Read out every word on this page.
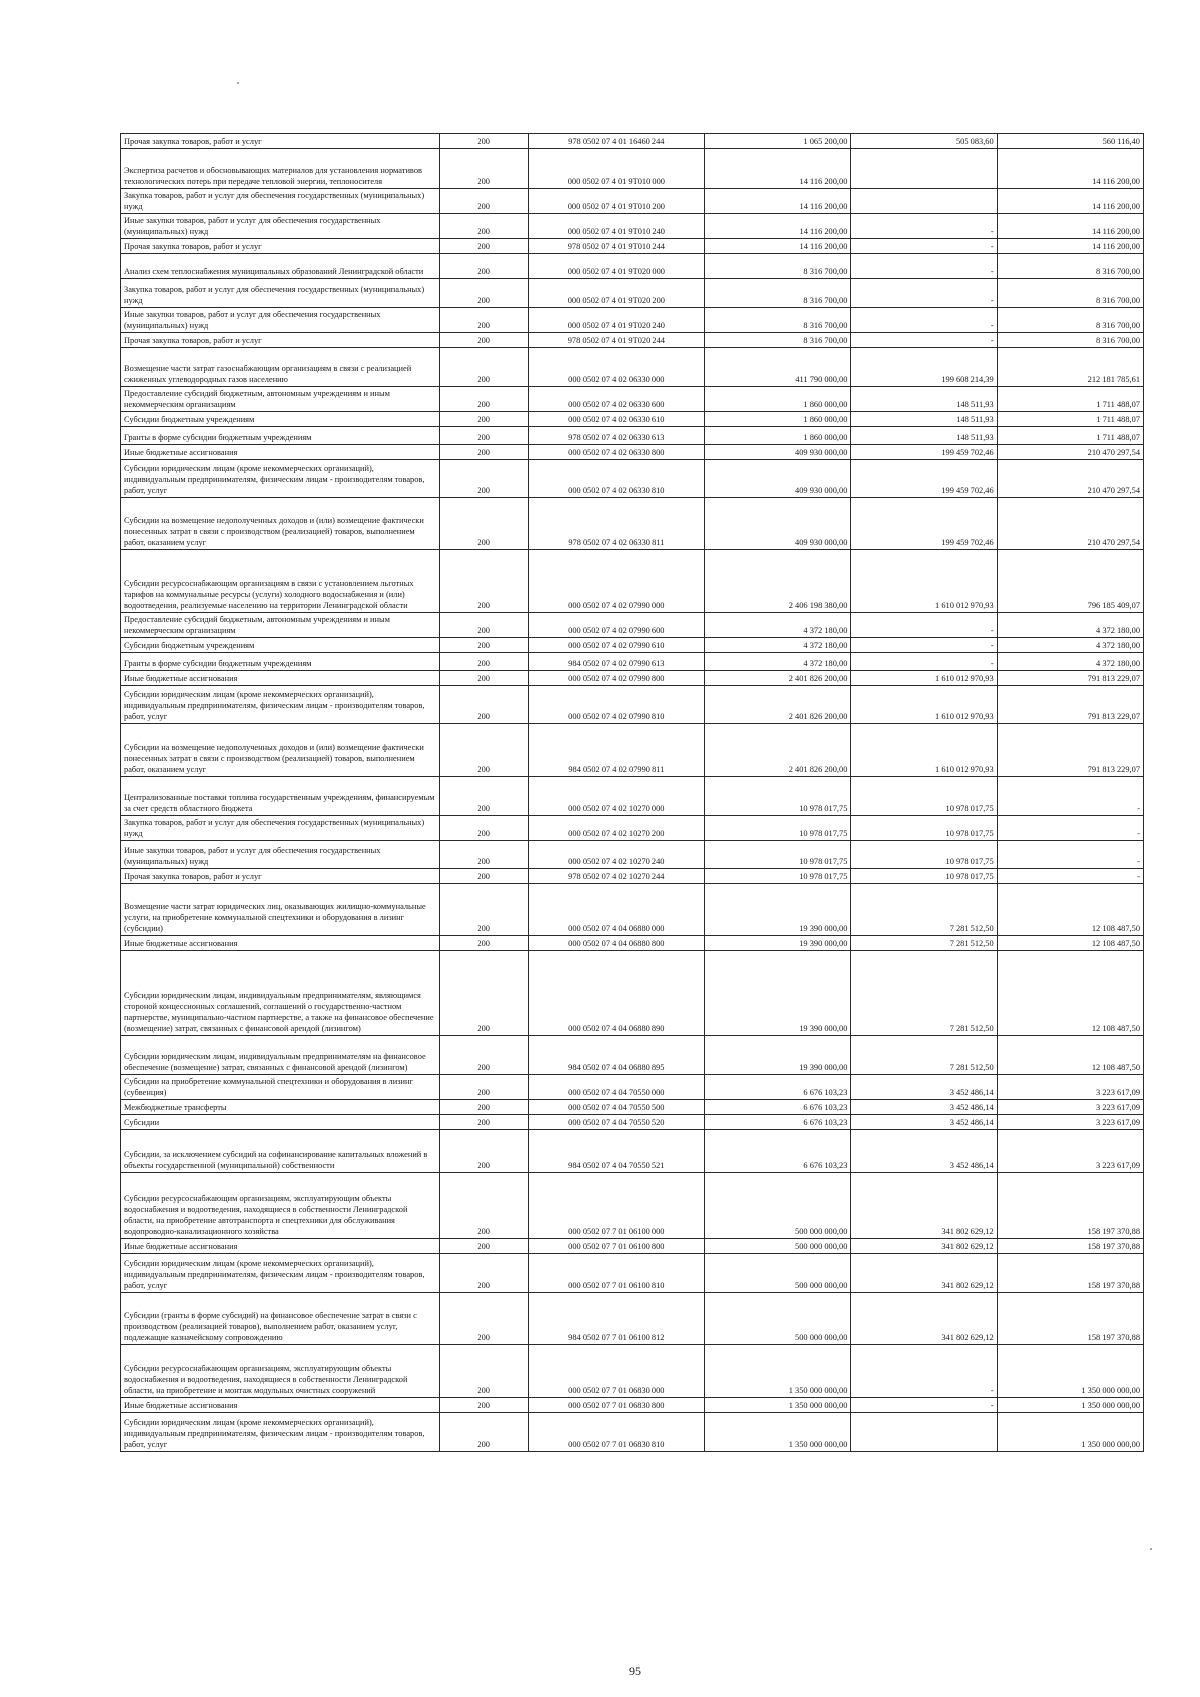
Прочая закупка товаров, работ и услуг	200	978 0502 07 4 01 16460 244	1 065 200,00	505 083,60	560 116,40
Экспертиза расчетов и обосновывающих материалов для установления нормативов технологических потерь при передаче тепловой энергии, теплоносителя	200	000 0502 07 4 01 9Т010 000	14 116 200,00		14 116 200,00
Закупка товаров, работ и услуг для обеспечения государственных (муниципальных) нужд	200	000 0502 07 4 01 9Т010 200	14 116 200,00		14 116 200,00
Иные закупки товаров, работ и услуг для обеспечения государственных (муниципальных) нужд	200	000 0502 07 4 01 9Т010 240	14 116 200,00	-	14 116 200,00
Прочая закупка товаров, работ и услуг	200	978 0502 07 4 01 9Т010 244	14 116 200,00	-	14 116 200,00
Анализ схем теплоснабжения муниципальных образований Ленинградской области	200	000 0502 07 4 01 9Т020 000	8 316 700,00	-	8 316 700,00
Закупка товаров, работ и услуг для обеспечения государственных (муниципальных) нужд	200	000 0502 07 4 01 9Т020 200	8 316 700,00	-	8 316 700,00
Иные закупки товаров, работ и услуг для обеспечения государственных (муниципальных) нужд	200	000 0502 07 4 01 9Т020 240	8 316 700,00	-	8 316 700,00
Прочая закупка товаров, работ и услуг	200	978 0502 07 4 01 9Т020 244	8 316 700,00	-	8 316 700,00
Возмещение части затрат газоснабжающим организациям в связи с реализацией сжиженных углеводородных газов населению	200	000 0502 07 4 02 06330 000	411 790 000,00	199 608 214,39	212 181 785,61
Предоставление субсидий бюджетным, автономным учреждениям и иным некоммерческим организациям	200	000 0502 07 4 02 06330 600	1 860 000,00	148 511,93	1 711 488,07
Субсидии бюджетным учреждениям	200	000 0502 07 4 02 06330 610	1 860 000,00	148 511,93	1 711 488,07
Гранты в форме субсидии бюджетным учреждениям	200	978 0502 07 4 02 06330 613	1 860 000,00	148 511,93	1 711 488,07
Иные бюджетные ассигнования	200	000 0502 07 4 02 06330 800	409 930 000,00	199 459 702,46	210 470 297,54
Субсидии юридическим лицам (кроме некоммерческих организаций), индивидуальным предпринимателям, физическим лицам - производителям товаров, работ, услуг	200	000 0502 07 4 02 06330 810	409 930 000,00	199 459 702,46	210 470 297,54
Субсидии на возмещение недополученных доходов и (или) возмещение фактически понесенных затрат в связи с производством (реализацией) товаров, выполнением работ, оказанием услуг	200	978 0502 07 4 02 06330 811	409 930 000,00	199 459 702,46	210 470 297,54
Субсидии ресурсоснабжающим организациям в связи с установлением льготных тарифов на коммунальные ресурсы (услуги) холодного водоснабжения и (или) водоотведения, реализуемые населению на территории Ленинградской области	200	000 0502 07 4 02 07990 000	2 406 198 380,00	1 610 012 970,93	796 185 409,07
Предоставление субсидий бюджетным, автономным учреждениям и иным некоммерческим организациям	200	000 0502 07 4 02 07990 600	4 372 180,00	-	4 372 180,00
Субсидии бюджетным учреждениям	200	000 0502 07 4 02 07990 610	4 372 180,00	-	4 372 180,00
Гранты в форме субсидии бюджетным учреждениям	200	984 0502 07 4 02 07990 613	4 372 180,00	-	4 372 180,00
Иные бюджетные ассигнования	200	000 0502 07 4 02 07990 800	2 401 826 200,00	1 610 012 970,93	791 813 229,07
Субсидии юридическим лицам (кроме некоммерческих организаций), индивидуальным предпринимателям, физическим лицам - производителям товаров, работ, услуг	200	000 0502 07 4 02 07990 810	2 401 826 200,00	1 610 012 970,93	791 813 229,07
Субсидии на возмещение недополученных доходов и (или) возмещение фактически понесенных затрат в связи с производством (реализацией) товаров, выполнением работ, оказанием услуг	200	984 0502 07 4 02 07990 811	2 401 826 200,00	1 610 012 970,93	791 813 229,07
Централизованные поставки топлива государственным учреждениям, финансируемым за счет средств областного бюджета	200	000 0502 07 4 02 10270 000	10 978 017,75	10 978 017,75	-
Закупка товаров, работ и услуг для обеспечения государственных (муниципальных) нужд	200	000 0502 07 4 02 10270 200	10 978 017,75	10 978 017,75	-
Иные закупки товаров, работ и услуг для обеспечения государственных (муниципальных) нужд	200	000 0502 07 4 02 10270 240	10 978 017,75	10 978 017,75	-
Прочая закупка товаров, работ и услуг	200	978 0502 07 4 02 10270 244	10 978 017,75	10 978 017,75	-
Возмещение части затрат юридических лиц, оказывающих жилищно-коммунальные услуги, на приобретение коммунальной спецтехники и оборудования в лизинг (субсидии)	200	000 0502 07 4 04 06880 000	19 390 000,00	7 281 512,50	12 108 487,50
Иные бюджетные ассигнования	200	000 0502 07 4 04 06880 800	19 390 000,00	7 281 512,50	12 108 487,50
Субсидии юридическим лицам, индивидуальным предпринимателям, являющимся стороной концессионных соглашений, соглашений о государственно-частном партнерстве, муниципально-частном партнерстве, а также на финансовое обеспечение (возмещение) затрат, связанных с финансовой арендой (лизингом)	200	000 0502 07 4 04 06880 890	19 390 000,00	7 281 512,50	12 108 487,50
Субсидии юридическим лицам, индивидуальным предпринимателям на финансовое обеспечение (возмещение) затрат, связанных с финансовой арендой (лизингом)	200	984 0502 07 4 04 06880 895	19 390 000,00	7 281 512,50	12 108 487,50
Субсидии на приобретение коммунальной спецтехники и оборудования в лизинг (субвенция)	200	000 0502 07 4 04 70550 000	6 676 103,23	3 452 486,14	3 223 617,09
Межбюджетные трансферты	200	000 0502 07 4 04 70550 500	6 676 103,23	3 452 486,14	3 223 617,09
Субсидии	200	000 0502 07 4 04 70550 520	6 676 103,23	3 452 486,14	3 223 617,09
Субсидии, за исключением субсидий на софинансирование капитальных вложений в объекты государственной (муниципальной) собственности	200	984 0502 07 4 04 70550 521	6 676 103,23	3 452 486,14	3 223 617,09
Субсидии ресурсоснабжающим организациям, эксплуатирующим объекты водоснабжения и водоотведения, находящиеся в собственности Ленинградской области, на приобретение автотранспорта и спецтехники для обслуживания водопроводно-канализационного хозяйства	200	000 0502 07 7 01 06100 000	500 000 000,00	341 802 629,12	158 197 370,88
Иные бюджетные ассигнования	200	000 0502 07 7 01 06100 800	500 000 000,00	341 802 629,12	158 197 370,88
Субсидии юридическим лицам (кроме некоммерческих организаций), индивидуальным предпринимателям, физическим лицам - производителям товаров, работ, услуг	200	000 0502 07 7 01 06100 810	500 000 000,00	341 802 629,12	158 197 370,88
Субсидии (гранты в форме субсидий) на финансовое обеспечение затрат в связи с производством (реализацией товаров), выполнением работ, оказанием услуг, подлежащие казначейскому сопровождению	200	984 0502 07 7 01 06100 812	500 000 000,00	341 802 629,12	158 197 370,88
Субсидии ресурсоснабжающим организациям, эксплуатирующим объекты водоснабжения и водоотведения, находящиеся в собственности Ленинградской области, на приобретение и монтаж модульных очистных сооружений	200	000 0502 07 7 01 06830 000	1 350 000 000,00	-	1 350 000 000,00
Иные бюджетные ассигнования	200	000 0502 07 7 01 06830 800	1 350 000 000,00	-	1 350 000 000,00
Субсидии юридическим лицам (кроме некоммерческих организаций), индивидуальным предпринимателям, физическим лицам - производителям товаров, работ, услуг	200	000 0502 07 7 01 06830 810	1 350 000 000,00		1 350 000 000,00
95
